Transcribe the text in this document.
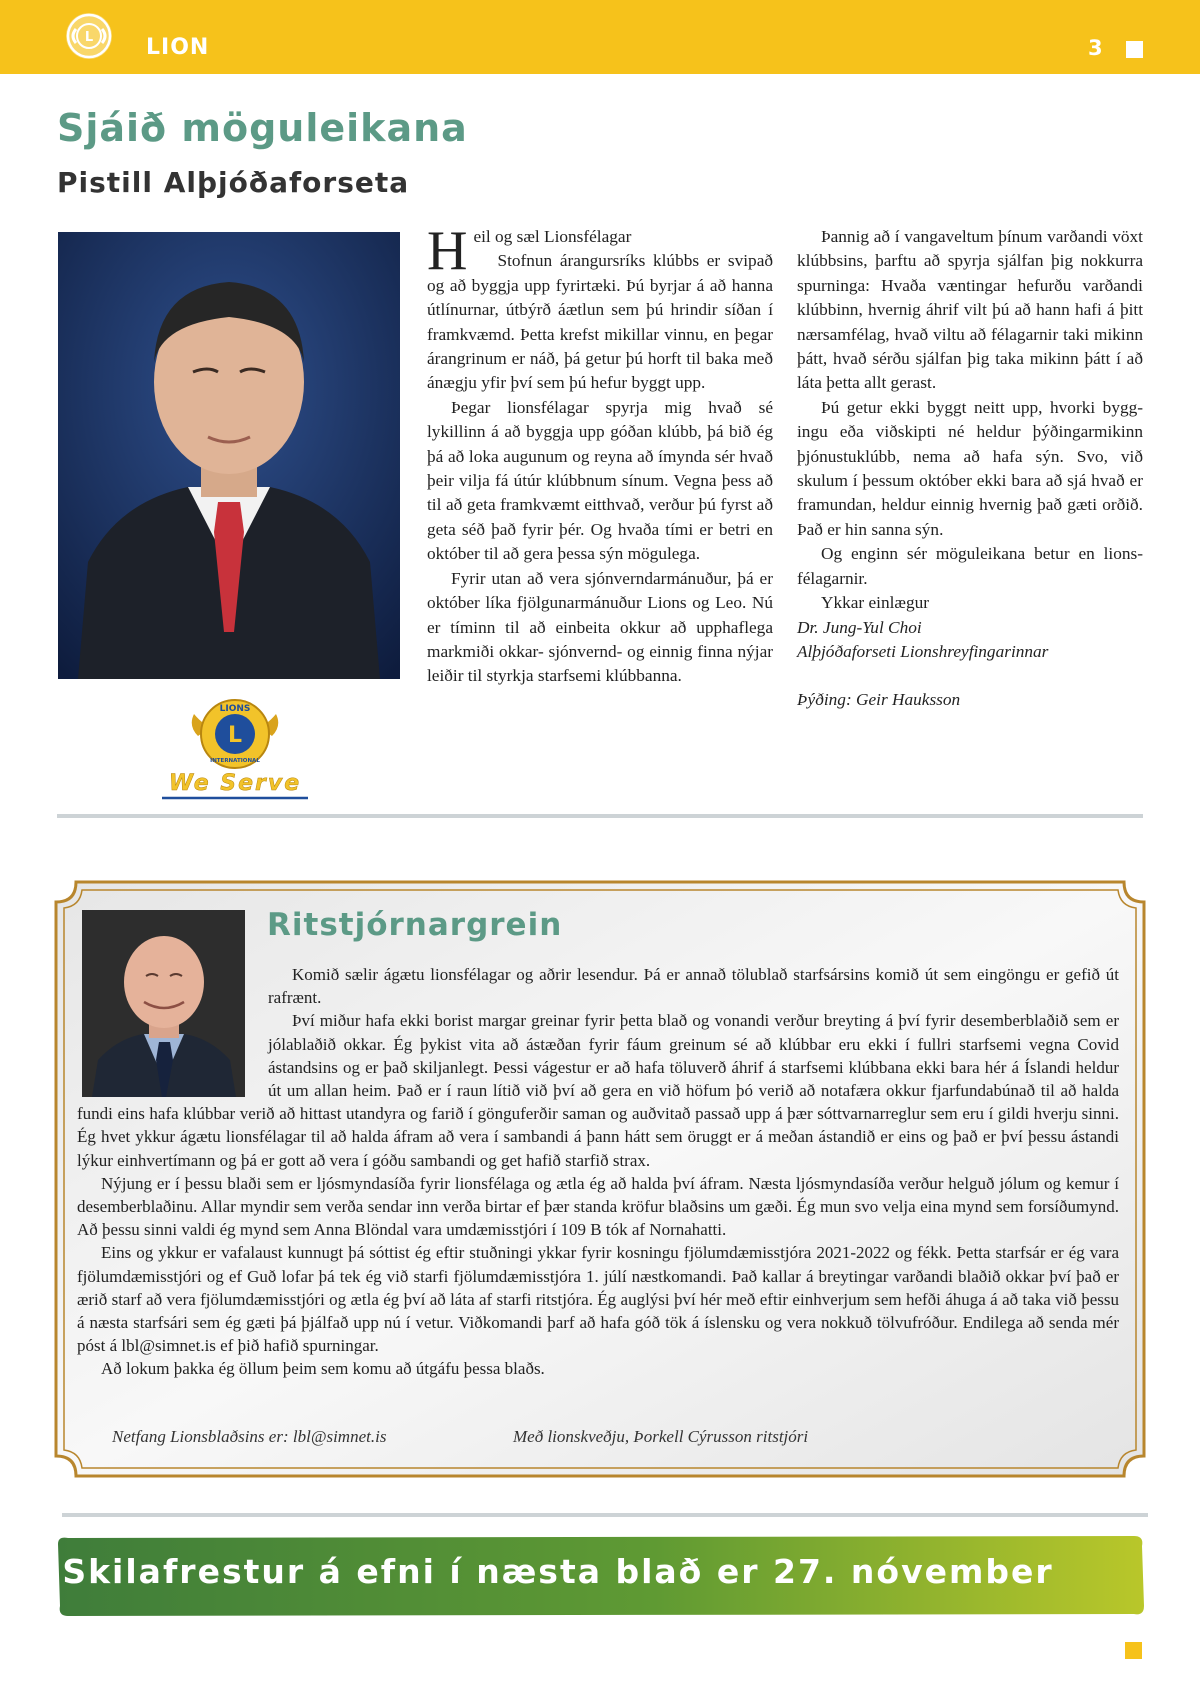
L LION	3
Sjáið möguleikana
Pistill Alþjóðaforseta
L
LIONS
INTERNATIONAL
We Serve

Heil og sæl Lionsfélagar

Stofnun árangursríks klúbbs er svipað og að byggja upp fyrirtæki. Þú byrjar á að hanna útlínurnar, útbýrð áætlun sem þú hrindir síðan í framkvæmd. Þetta krefst mikillar vinnu, en þegar árangrinum er náð, þá getur þú horft til baka með ánægju yfir því sem þú hefur byggt upp.

Þegar lionsfélagar spyrja mig hvað sé lykillinn á að byggja upp góðan klúbb, þá bið ég þá að loka augunum og reyna að ímynda sér hvað þeir vilja fá útúr klúbbnum sínum. Vegna þess að til að geta framkvæmt eitthvað, verður þú fyrst að geta séð það fyrir þér. Og hvaða tími er betri en október til að gera þessa sýn mögulega.

Fyrir utan að vera sjónverndarmánuður, þá er október líka fjölgunarmánuður Lions og Leo. Nú er tíminn til að einbeita okkur að upphaflega markmiði okkar- sjónvernd- og einnig finna nýjar leiðir til styrkja starfsemi klúbbanna.

Þannig að í vangaveltum þínum varðandi vöxt klúbbsins, þarftu að spyrja sjálfan þig nokkurra spurninga: Hvaða væntingar hefurðu varðandi klúbbinn, hvernig áhrif vilt þú að hann hafi á þitt nærsamfélag, hvað viltu að félagarnir taki mikinn þátt, hvað sérðu sjálfan þig taka mikinn þátt í að láta þetta allt gerast.

Þú getur ekki byggt neitt upp, hvorki bygg- ingu eða viðskipti né heldur þýðingarmikinn þjónustuklúbb, nema að hafa sýn. Svo, við skulum í þessum október ekki bara að sjá hvað er framundan, heldur einnig hvernig það gæti orðið. Það er hin sanna sýn.

Og enginn sér möguleikana betur en lions- félagarnir.

Ykkar einlægur

Dr. Jung-Yul Choi

Alþjóðaforseti Lionshreyfingarinnar

Þýðing: Geir Hauksson

Ritstjórnargrein

Komið sælir ágætu lionsfélagar og aðrir lesendur. Þá er annað tölublað starfsársins komið út sem eingöngu er gefið út rafrænt.

Því miður hafa ekki borist margar greinar fyrir þetta blað og vonandi verður breyting á því fyrir desemberblaðið sem er jólablaðið okkar. Ég þykist vita að ástæðan fyrir fáum greinum sé að klúbbar eru ekki í fullri starfsemi vegna Covid ástandsins og er það skiljanlegt. Þessi vágestur er að hafa töluverð áhrif á starfsemi klúbbana ekki bara hér á Íslandi heldur út um allan heim. Það er í raun lítið við því að gera en við höfum þó verið að notafæra okkur fjarfundabúnað til að halda fundi eins hafa klúbbar verið að hittast utandyra og farið í gönguferðir saman og auðvitað passað upp á þær sóttvarnarreglur sem eru í gildi hverju sinni. Ég hvet ykkur ágætu lionsfélagar til að halda áfram að vera í sambandi á þann hátt sem öruggt er á meðan ástandið er eins og það er því þessu ástandi lýkur einhvertímann og þá er gott að vera í góðu sambandi og get hafið starfið strax.

Nýjung er í þessu blaði sem er ljósmyndasíða fyrir lionsfélaga og ætla ég að halda því áfram. Næsta ljósmyndasíða verður helguð jólum og kemur í desemberblaðinu. Allar myndir sem verða sendar inn verða birtar ef þær standa kröfur blaðsins um gæði. Ég mun svo velja eina mynd sem forsíðumynd. Að þessu sinni valdi ég mynd sem Anna Blöndal vara umdæmisstjóri í 109 B tók af Nornahatti.

Eins og ykkur er vafalaust kunnugt þá sóttist ég eftir stuðningi ykkar fyrir kosningu fjölumdæmisstjóra 2021-2022 og fékk. Þetta starfsár er ég vara fjölumdæmisstjóri og ef Guð lofar þá tek ég við starfi fjölumdæmisstjóra 1. júlí næstkomandi. Það kallar á breytingar varðandi blaðið okkar því það er ærið starf að vera fjölumdæmisstjóri og ætla ég því að láta af starfi ritstjóra. Ég auglýsi því hér með eftir einhverjum sem hefði áhuga á að taka við þessu á næsta starfsári sem ég gæti þá þjálfað upp nú í vetur. Viðkomandi þarf að hafa góð tök á íslensku og vera nokkuð tölvufróður. Endilega að senda mér póst á lbl@simnet.is ef þið hafið spurningar.

Að lokum þakka ég öllum þeim sem komu að útgáfu þessa blaðs.

Netfang Lionsblaðsins er: lbl@simnet.is	Með lionskveðju, Þorkell Cýrusson ritstjóri
Skilafrestur á efni í næsta blað er 27. nóvember
